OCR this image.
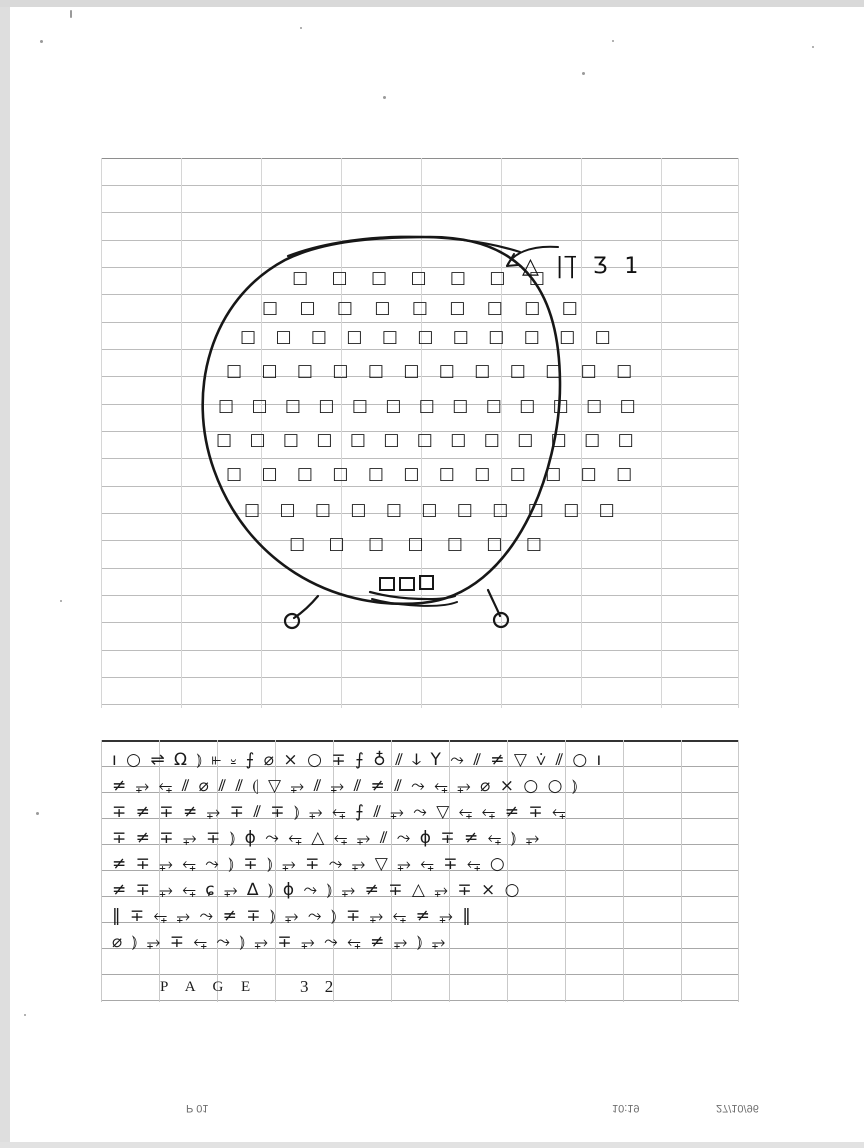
□ □ □ □ □ □ □
□ □ □ □ □ □ □ □ □
□ □ □ □ □ □ □ □ □ □ □
□ □ □ □ □ □ □ □ □ □ □ □
□ □ □ □ □ □ □ □ □ □ □ □ □
□ □ □ □ □ □ □ □ □ □ □ □ □
□ □ □ □ □ □ □ □ □ □ □ □
□ □ □ □ □ □ □ □ □ □ □
□ □ □ □ □ □ □
△ ||̅ Ʒ 1
ı ○ ⇌ Ω ⦆ ⫦ ⏓ ⨍ ⌀ × ○ ∓ ⨍ ♁ ⫽ ↆ Υ ⤳ ⫽ ≠ ▽ ⩒ ⫽ ○ ı
≠ ⥅ ⥆ ⫽ ⌀ ⫽ ⫽ ⦇ ▽ ⥅ ⫽ ⥅ ⫽ ≠ ⫽ ⤳ ⥆ ⥅ ⌀ × ○ ○ ⦆
∓ ≠ ∓ ≠ ⥅ ∓ ⫽ ∓ ⦆ ⥅ ⥆ ⨍ ⫽ ⥅ ⤳ ▽ ⥆ ⥆ ≠ ∓ ⥆
∓ ≠ ∓ ⥅ ∓ ⦆ ϕ ⤳ ⥆ △ ⥆ ⥅ ⫽ ⤳ ϕ ∓ ≠ ⥆ ⦆ ⥅
≠ ∓ ⥅ ⥆ ⤳ ⦆ ∓ ⦆ ⥅ ∓ ⤳ ⥅ ▽ ⥅ ⥆ ∓ ⥆ ○
≠ ∓ ⥅ ⥆ ɕ ⥅ ∆ ⦆ ϕ ⤳ ⦆ ⥅ ≠ ∓ △ ⥅ ∓ × ○
‖ ∓ ⥆ ⥅ ⤳ ≠ ∓ ⦆ ⥅ ⤳ ⦆ ∓ ⥅ ⥆ ≠ ⥅ ‖
⌀ ⦆ ⥅ ∓ ⥆ ⤳ ⦆ ⥅ ∓ ⥅ ⤳ ⥆ ≠ ⥅ ⦆ ⥅
P A G E	3 2
27/10/96
10:19
P 01
